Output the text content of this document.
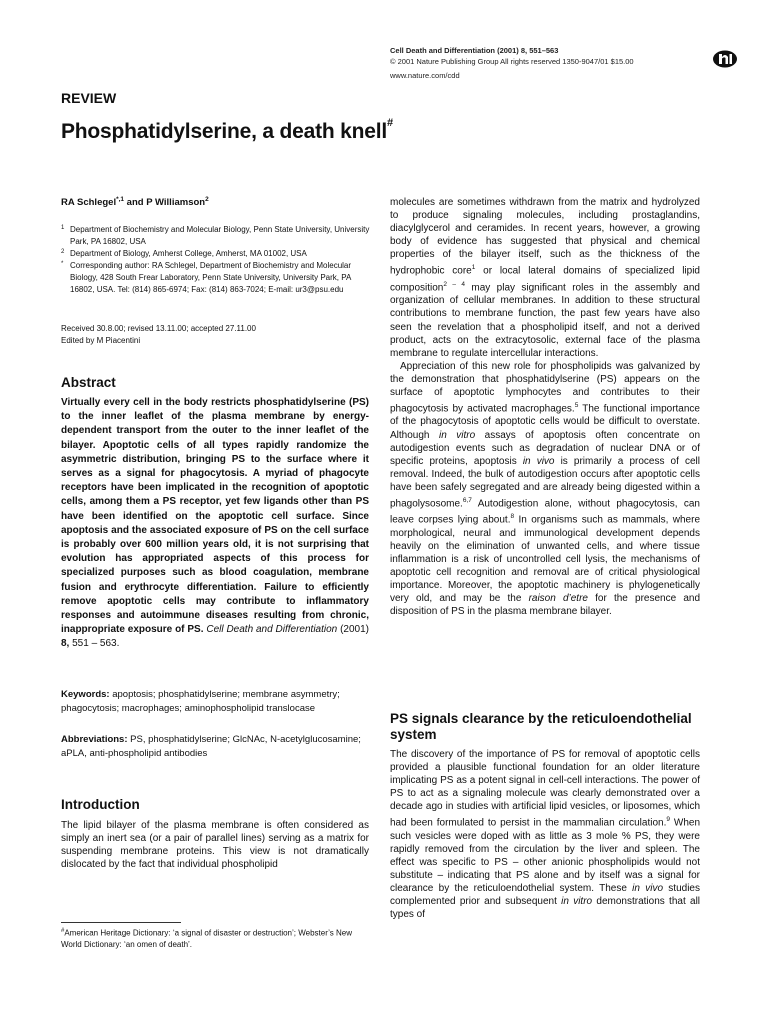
Cell Death and Differentiation (2001) 8, 551–563
© 2001 Nature Publishing Group All rights reserved 1350-9047/01 $15.00
www.nature.com/cdd
REVIEW
Phosphatidylserine, a death knell#
RA Schlegel$^{*,1}$ and P Williamson$^2$
1 Department of Biochemistry and Molecular Biology, Penn State University, University Park, PA 16802, USA
2 Department of Biology, Amherst College, Amherst, MA 01002, USA
* Corresponding author: RA Schlegel, Department of Biochemistry and Molecular Biology, 428 South Frear Laboratory, Penn State University, University Park, PA 16802, USA. Tel: (814) 865-6974; Fax: (814) 863-7024; E-mail: ur3@psu.edu
Received 30.8.00; revised 13.11.00; accepted 27.11.00
Edited by M Piacentini
Abstract
Virtually every cell in the body restricts phosphatidylserine (PS) to the inner leaflet of the plasma membrane by energy-dependent transport from the outer to the inner leaflet of the bilayer. Apoptotic cells of all types rapidly randomize the asymmetric distribution, bringing PS to the surface where it serves as a signal for phagocytosis. A myriad of phagocyte receptors have been implicated in the recognition of apoptotic cells, among them a PS receptor, yet few ligands other than PS have been identified on the apoptotic cell surface. Since apoptosis and the associated exposure of PS on the cell surface is probably over 600 million years old, it is not surprising that evolution has appropriated aspects of this process for specialized purposes such as blood coagulation, membrane fusion and erythrocyte differentiation. Failure to efficiently remove apoptotic cells may contribute to inflammatory responses and autoimmune diseases resulting from chronic, inappropriate exposure of PS. Cell Death and Differentiation (2001) 8, 551 – 563.
Keywords: apoptosis; phosphatidylserine; membrane asymmetry; phagocytosis; macrophages; aminophospholipid translocase
Abbreviations: PS, phosphatidylserine; GlcNAc, N-acetylglucosamine; aPLA, anti-phospholipid antibodies
Introduction

The lipid bilayer of the plasma membrane is often considered as simply an inert sea (or a pair of parallel lines) serving as a matrix for suspending membrane proteins. This view is not dramatically dislocated by the fact that individual phospholipid

#American Heritage Dictionary: ‘a signal of disaster or destruction’; Webster’s New World Dictionary: ‘an omen of death’.

molecules are sometimes withdrawn from the matrix and hydrolyzed to produce signaling molecules, including prostaglandins, diacylglycerol and ceramides. In recent years, however, a growing body of evidence has suggested that physical and chemical properties of the bilayer itself, such as the thickness of the hydrophobic core$^1$ or local lateral domains of specialized lipid composition$^{2 - 4}$ may play significant roles in the assembly and organization of cellular membranes. In addition to these structural contributions to membrane function, the past few years have also seen the revelation that a phospholipid itself, and not a derived product, acts on the extracytosolic, external face of the plasma membrane to regulate intercellular interactions.

Appreciation of this new role for phospholipids was galvanized by the demonstration that phosphatidylserine (PS) appears on the surface of apoptotic lymphocytes and contributes to their phagocytosis by activated macrophages.$^5$ The functional importance of the phagocytosis of apoptotic cells would be difficult to overstate. Although in vitro assays of apoptosis often concentrate on autodigestion events such as degradation of nuclear DNA or of specific proteins, apoptosis in vivo is primarily a process of cell removal. Indeed, the bulk of autodigestion occurs after apoptotic cells have been safely segregated and are already being digested within a phagolysosome.$^{6,7}$ Autodigestion alone, without phagocytosis, can leave corpses lying about.$^8$ In organisms such as mammals, where morphological, neural and immunological development depends heavily on the elimination of unwanted cells, and where tissue inflammation is a risk of uncontrolled cell lysis, the mechanisms of apoptotic cell recognition and removal are of critical physiological importance. Moreover, the apoptotic machinery is phylogenetically very old, and may be the raison d’etre for the presence and disposition of PS in the plasma membrane bilayer.

PS signals clearance by the reticuloendothelial system

The discovery of the importance of PS for removal of apoptotic cells provided a plausible functional foundation for an older literature implicating PS as a potent signal in cell-cell interactions. The power of PS to act as a signaling molecule was clearly demonstrated over a decade ago in studies with artificial lipid vesicles, or liposomes, which had been formulated to persist in the mammalian circulation.$^9$ When such vesicles were doped with as little as 3 mole % PS, they were rapidly removed from the circulation by the liver and spleen. The effect was specific to PS – other anionic phospholipids would not substitute – indicating that PS alone and by itself was a signal for clearance by the reticuloendothelial system. These in vivo studies complemented prior and subsequent in vitro demonstrations that all types of
